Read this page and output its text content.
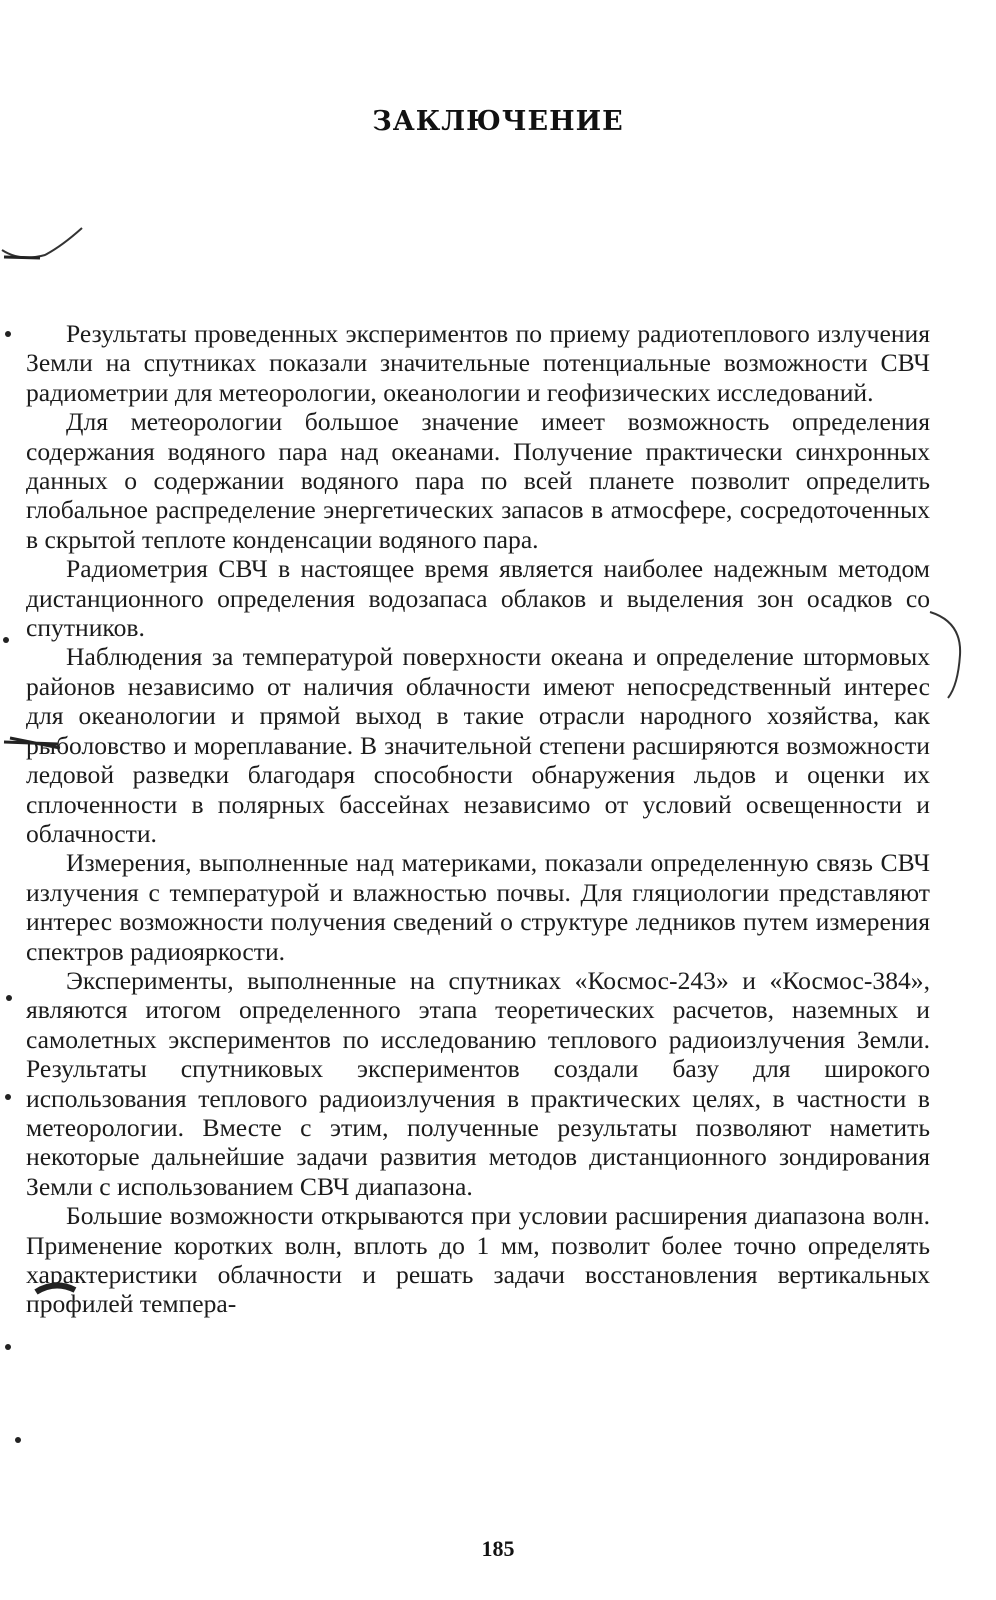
ЗАКЛЮЧЕНИЕ

Результаты проведенных экспериментов по приему радиотеплового излучения Земли на спутниках показали значительные потенциальные возможности СВЧ радиометрии для метеорологии, океанологии и геофизических исследований.

Для метеорологии большое значение имеет возможность определения содержания водяного пара над океанами. Получение практически синхронных данных о содержании водяного пара по всей планете позволит определить глобальное распределение энергетических запасов в атмосфере, сосредоточенных в скрытой теплоте конденсации водяного пара.

Радиометрия СВЧ в настоящее время является наиболее надежным методом дистанционного определения водозапаса облаков и выделения зон осадков со спутников.

Наблюдения за температурой поверхности океана и определение штормовых районов независимо от наличия облачности имеют непосредственный интерес для океанологии и прямой выход в такие отрасли народного хозяйства, как рыболовство и мореплавание. В значительной степени расширяются возможности ледовой разведки благодаря способности обнаружения льдов и оценки их сплоченности в полярных бассейнах независимо от условий освещенности и облачности.

Измерения, выполненные над материками, показали определенную связь СВЧ излучения с температурой и влажностью почвы. Для гляциологии представляют интерес возможности получения сведений о структуре ледников путем измерения спектров радиояркости.

Эксперименты, выполненные на спутниках «Космос-243» и «Космос-384», являются итогом определенного этапа теоретических расчетов, наземных и самолетных экспериментов по исследованию теплового радиоизлучения Земли. Результаты спутниковых экспериментов создали базу для широкого использования теплового радиоизлучения в практических целях, в частности в метеорологии. Вместе с этим, полученные результаты позволяют наметить некоторые дальнейшие задачи развития методов дистанционного зондирования Земли с использованием СВЧ диапазона.

Большие возможности открываются при условии расширения диапазона волн. Применение коротких волн, вплоть до 1 мм, позволит более точно определять характеристики облачности и решать задачи восстановления вертикальных профилей темпера-

185
